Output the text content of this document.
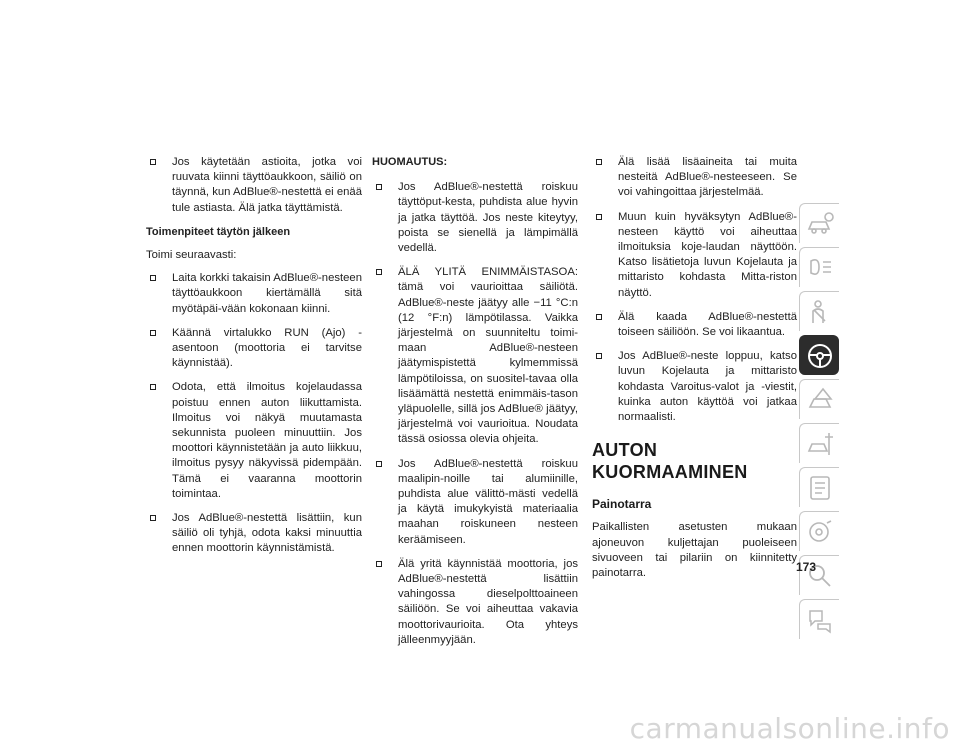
Jos käytetään astioita, jotka voi ruuvata kiinni täyttöaukkoon, säiliö on täynnä, kun AdBlue®-nestettä ei enää tule astiasta. Älä jatka täyttämistä.
Toimenpiteet täytön jälkeen
Toimi seuraavasti:
Laita korkki takaisin AdBlue®-nesteen täyttöaukkoon kiertämällä sitä myötäpäi-vään kokonaan kiinni.
Käännä virtalukko RUN (Ajo) -asentoon (moottoria ei tarvitse käynnistää).
Odota, että ilmoitus kojelaudassa poistuu ennen auton liikuttamista. Ilmoitus voi näkyä muutamasta sekunnista puoleen minuuttiin. Jos moottori käynnistetään ja auto liikkuu, ilmoitus pysyy näkyvissä pidempään. Tämä ei vaaranna moottorin toimintaa.
Jos AdBlue®-nestettä lisättiin, kun säiliö oli tyhjä, odota kaksi minuuttia ennen moottorin käynnistämistä.
HUOMAUTUS:
Jos AdBlue®-nestettä roiskuu täyttöput-kesta, puhdista alue hyvin ja jatka täyttöä. Jos neste kiteytyy, poista se sienellä ja lämpimällä vedellä.
ÄLÄ YLITÄ ENIMMÄISTASOA: tämä voi vaurioittaa säiliötä. AdBlue®-neste jäätyy alle −11 °C:n (12 °F:n) lämpötilassa. Vaikka järjestelmä on suunniteltu toimi-maan AdBlue®-nesteen jäätymispistettä kylmemmissä lämpötiloissa, on suositel-tavaa olla lisäämättä nestettä enimmäis-tason yläpuolelle, sillä jos AdBlue® jäätyy, järjestelmä voi vaurioitua. Noudata tässä osiossa olevia ohjeita.
Jos AdBlue®-nestettä roiskuu maalipin-noille tai alumiinille, puhdista alue välittö-mästi vedellä ja käytä imukykyistä materiaalia maahan roiskuneen nesteen keräämiseen.
Älä yritä käynnistää moottoria, jos AdBlue®-nestettä lisättiin vahingossa dieselpolttoaineen säiliöön. Se voi aiheuttaa vakavia moottorivaurioita. Ota yhteys jälleenmyyjään.
Älä lisää lisäaineita tai muita nesteitä AdBlue®-nesteeseen. Se voi vahingoittaa järjestelmää.
Muun kuin hyväksytyn AdBlue®-nesteen käyttö voi aiheuttaa ilmoituksia koje-laudan näyttöön. Katso lisätietoja luvun Kojelauta ja mittaristo kohdasta Mitta-riston näyttö.
Älä kaada AdBlue®-nestettä toiseen säiliöön. Se voi likaantua.
Jos AdBlue®-neste loppuu, katso luvun Kojelauta ja mittaristo kohdasta Varoitus-valot ja -viestit, kuinka auton käyttöä voi jatkaa normaalisti.
AUTON KUORMAAMINEN
Painotarra
Paikallisten asetusten mukaan ajoneuvon kuljettajan puoleiseen sivuoveen tai pilariin on kiinnitetty painotarra.	173
carmanualsonline.info
